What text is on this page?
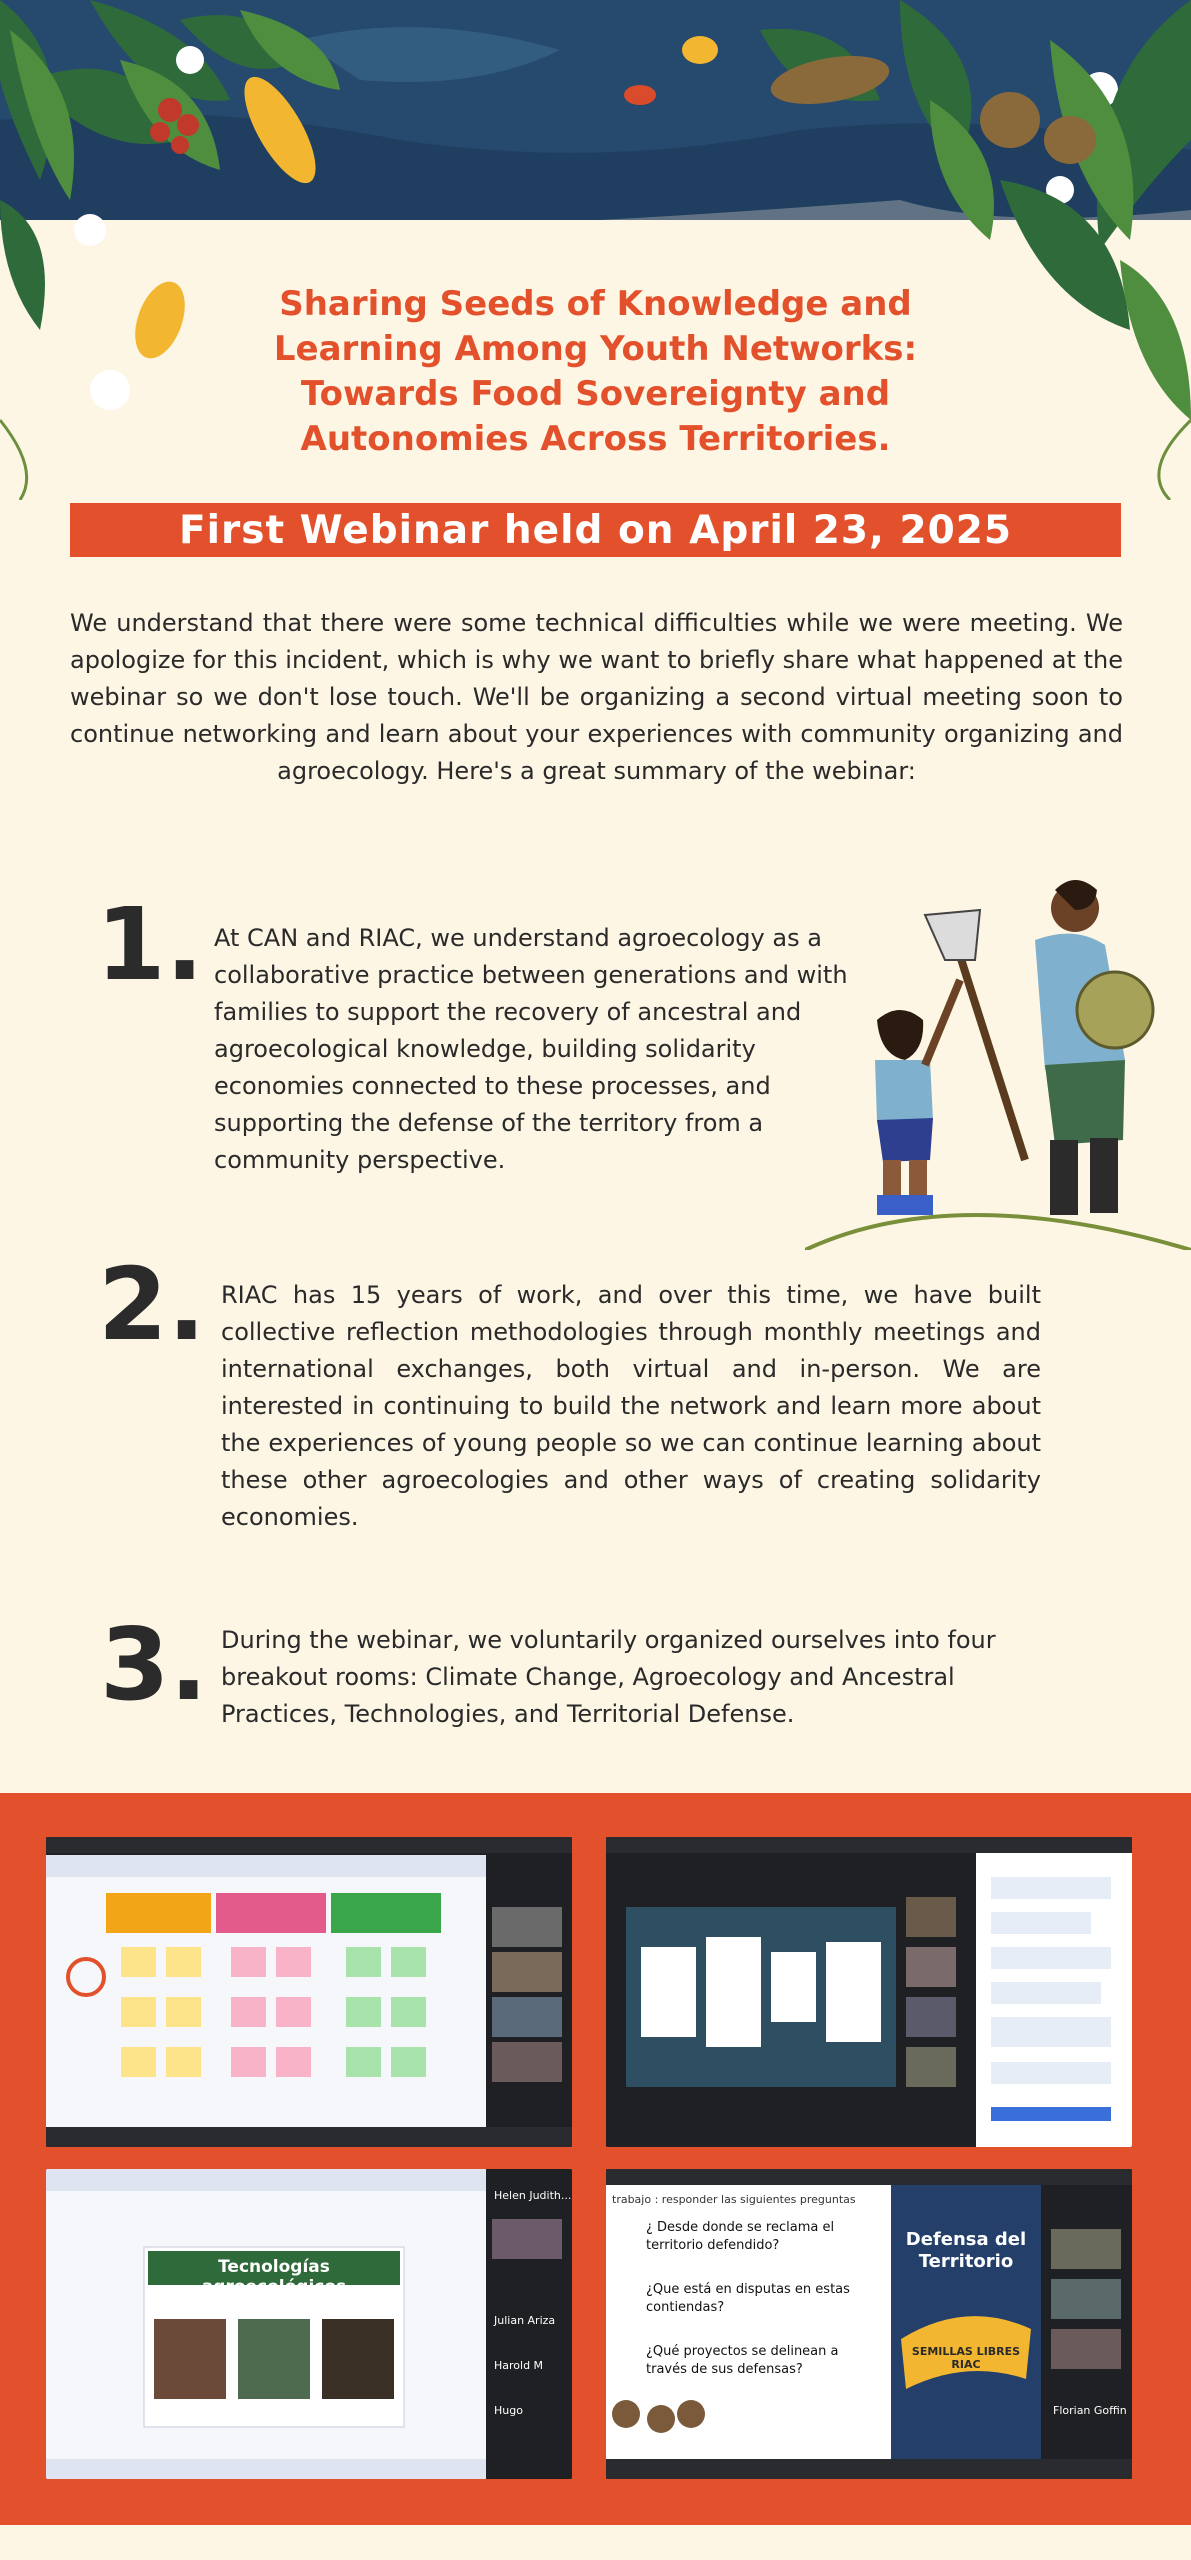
Sharing Seeds of Knowledge and
Learning Among Youth Networks:
Towards Food Sovereignty and
Autonomies Across Territories.
First Webinar held on April 23, 2025

We understand that there were some technical difficulties while we were meeting. We apologize for this incident, which is why we want to briefly share what happened at the webinar so we don't lose touch. We'll be organizing a second virtual meeting soon to continue networking and learn about your experiences with community organizing and agroecology. Here's a great summary of the webinar:

1. At CAN and RIAC, we understand agroecology as a collaborative practice between generations and with families to support the recovery of ancestral and agroecological knowledge, building solidarity economies connected to these processes, and supporting the defense of the territory from a community perspective.

2. RIAC has 15 years of work, and over this time, we have built collective reflection methodologies through monthly meetings and international exchanges, both virtual and in-person. We are interested in continuing to build the network and learn more about the experiences of young people so we can continue learning about these other agroecologies and other ways of creating solidarity economies.

3. During the webinar, we voluntarily organized ourselves into four breakout rooms: Climate Change, Agroecology and Ancestral Practices, Technologies, and Territorial Defense.

Tecnologías agroecológicos
Helen Judith...
Julian Ariza
Harold M
Hugo
trabajo : responder las siguientes preguntas
¿ Desde donde se reclama el territorio defendido?
¿Que está en disputas en estas contiendas?
¿Qué proyectos se delinean a través de sus defensas?
Defensa del Territorio
SEMILLAS LIBRES RIAC
Florian Goffin
